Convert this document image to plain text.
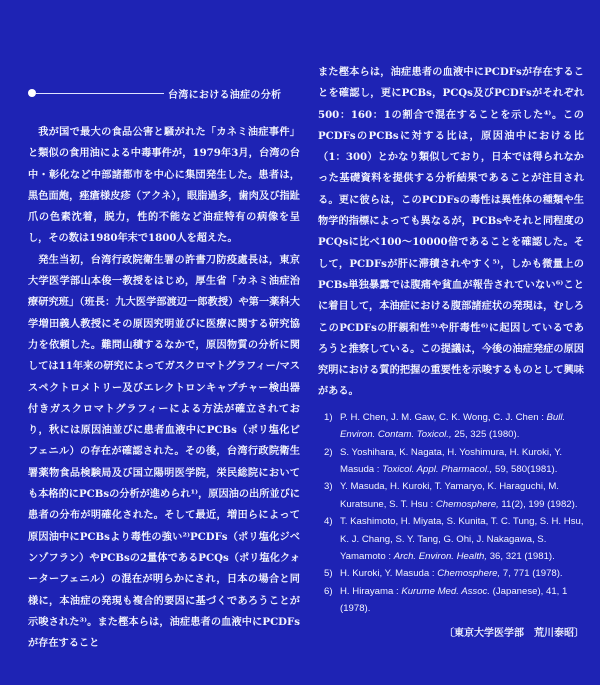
台湾における油症の分析

我が国で最大の食品公害と騒がれた「カネミ油症事件」と類似の食用油による中毒事件が，1979年3月，台湾の台中・彰化など中部諸都市を中心に集団発生した。患者は，黒色面皰，痤瘡様皮疹（アクネ），眼脂過多，歯肉及び指趾爪の色素沈着，脱力，性的不能など油症特有の病像を呈し，その数は1980年末で1800人を超えた。

発生当初，台湾行政院衛生署の許書刀防疫處長は，東京大学医学部山本俊一教授をはじめ，厚生省「カネミ油症治療研究班」（班長：九大医学部渡辺一郎教授）や第一薬科大学増田義人教授にその原因究明並びに医療に関する研究協力を依頼した。難問山積するなかで，原因物質の分析に関しては11年来の研究によってガスクロマトグラフィー/マススペクトロメトリー及びエレクトロンキャプチャー検出器付きガスクロマトグラフィーによる方法が確立されており，秋には原因油並びに患者血液中にPCBs（ポリ塩化ビフェニル）の存在が確認された。その後，台湾行政院衛生署薬物食品検験局及び国立陽明医学院，栄民総院においても本格的にPCBsの分析が進められ¹⁾，原因油の出所並びに患者の分布が明確化された。そして最近，増田らによって原因油中にPCBsより毒性の強い²⁾PCDFs（ポリ塩化ジベンゾフラン）やPCBsの2量体であるPCQs（ポリ塩化クォーターフェニル）の混在が明らかにされ，日本の場合と同様に，本油症の発現も複合的要因に基づくであろうことが示唆された³⁾。また樫本らは，油症患者の血液中にPCDFsが存在すること

また樫本らは，油症患者の血液中にPCDFsが存在することを確認し，更にPCBs，PCQs及びPCDFsがそれぞれ500：160：1の割合で混在することを示した⁴⁾。このPCDFsのPCBsに対する比は，原因油中における比（1：300）とかなり類似しており，日本では得られなかった基礎資料を提供する分析結果であることが注目される。更に彼らは，このPCDFsの毒性は異性体の種類や生物学的指標によっても異なるが，PCBsやそれと同程度のPCQsに比べ100〜10000倍であることを確認した。そして，PCDFsが肝に滞積されやすく⁵⁾，しかも微量上のPCBs単独暴露では腹痛や貧血が報告されていない⁶⁾ことに着目して，本油症における腹部諸症状の発現は，むしろこのPCDFsの肝親和性⁵⁾や肝毒性⁶⁾に起因しているであろうと推察している。この提議は，今後の油症発症の原因究明における質的把握の重要性を示唆するものとして興味がある。

1) P. H. Chen, J. M. Gaw, C. K. Wong, C. J. Chen : Bull. Environ. Contam. Toxicol., 25, 325 (1980).
2) S. Yoshihara, K. Nagata, H. Yoshimura, H. Kuroki, Y. Masuda : Toxicol. Appl. Pharmacol., 59, 580(1981).
3) Y. Masuda, H. Kuroki, T. Yamaryo, K. Haraguchi, M. Kuratsune, S. T. Hsu : Chemosphere, 11(2), 199 (1982).
4) T. Kashimoto, H. Miyata, S. Kunita, T. C. Tung, S. H. Hsu, K. J. Chang, S. Y. Tang, G. Ohi, J. Nakagawa, S. Yamamoto : Arch. Environ. Health, 36, 321 (1981).
5) H. Kuroki, Y. Masuda : Chemosphere, 7, 771 (1978).
6) H. Hirayama : Kurume Med. Assoc. (Japanese), 41, 1 (1978).
〔東京大学医学部　荒川泰昭〕
